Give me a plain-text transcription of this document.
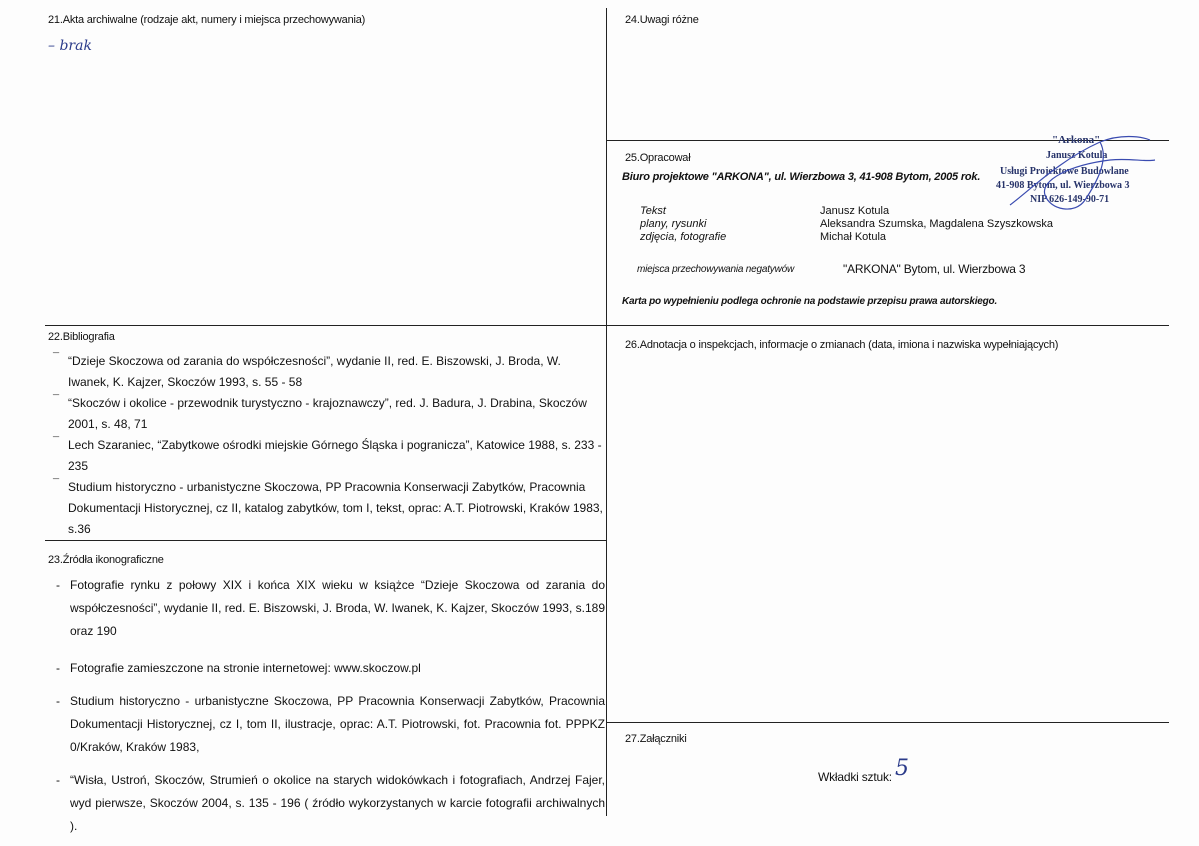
21.Akta archiwalne (rodzaje akt, numery i miejsca przechowywania)
– brak
22.Bibliografia
¯ “Dzieje Skoczowa od zarania do współczesności”, wydanie II, red. E. Biszowski, J. Broda, W. Iwanek, K. Kajzer, Skoczów 1993, s. 55 - 58
¯ “Skoczów i okolice - przewodnik turystyczno - krajoznawczy”, red. J. Badura, J. Drabina, Skoczów 2001, s. 48, 71
¯ Lech Szaraniec, “Zabytkowe ośrodki miejskie Górnego Śląska i pogranicza”, Katowice 1988, s. 233 - 235
¯ Studium historyczno - urbanistyczne Skoczowa, PP Pracownia Konserwacji Zabytków, Pracownia Dokumentacji Historycznej, cz II, katalog zabytków, tom I, tekst, oprac: A.T. Piotrowski, Kraków 1983, s.36
23.Źródła ikonograficzne
- Fotografie rynku z połowy XIX i końca XIX wieku w książce “Dzieje Skoczowa od zarania do współczesności”, wydanie II, red. E. Biszowski, J. Broda, W. Iwanek, K. Kajzer, Skoczów 1993, s.189 oraz 190
- Fotografie zamieszczone na stronie internetowej: www.skoczow.pl
- Studium historyczno - urbanistyczne Skoczowa, PP Pracownia Konserwacji Zabytków, Pracownia Dokumentacji Historycznej, cz I, tom II, ilustracje, oprac: A.T. Piotrowski, fot. Pracownia fot. PPPKZ 0/Kraków, Kraków 1983,
- “Wisła, Ustroń, Skoczów, Strumień o okolice na starych widokówkach i fotografiach, Andrzej Fajer, wyd pierwsze, Skoczów 2004, s. 135 - 196 ( źródło wykorzystanych w karcie fotografii archiwalnych ).
24.Uwagi różne
25.Opracował
Biuro projektowe "ARKONA", ul. Wierzbowa 3, 41-908 Bytom, 2005 rok.
Tekst
plany, rysunki
zdjęcia, fotografie
Janusz Kotula
Aleksandra Szumska, Magdalena Szyszkowska
Michał Kotula
miejsca przechowywania negatywów	"ARKONA" Bytom, ul. Wierzbowa 3
Karta po wypełnieniu podlega ochronie na podstawie przepisu prawa autorskiego.
"Arkona"
Janusz Kotula
Usługi Projektowe Budowlane
41-908 Bytom, ul. Wierzbowa 3
NIP 626-149-90-71
26.Adnotacja o inspekcjach, informacje o zmianach (data, imiona i nazwiska wypełniających)
27.Załączniki
Wkładki sztuk: 5
